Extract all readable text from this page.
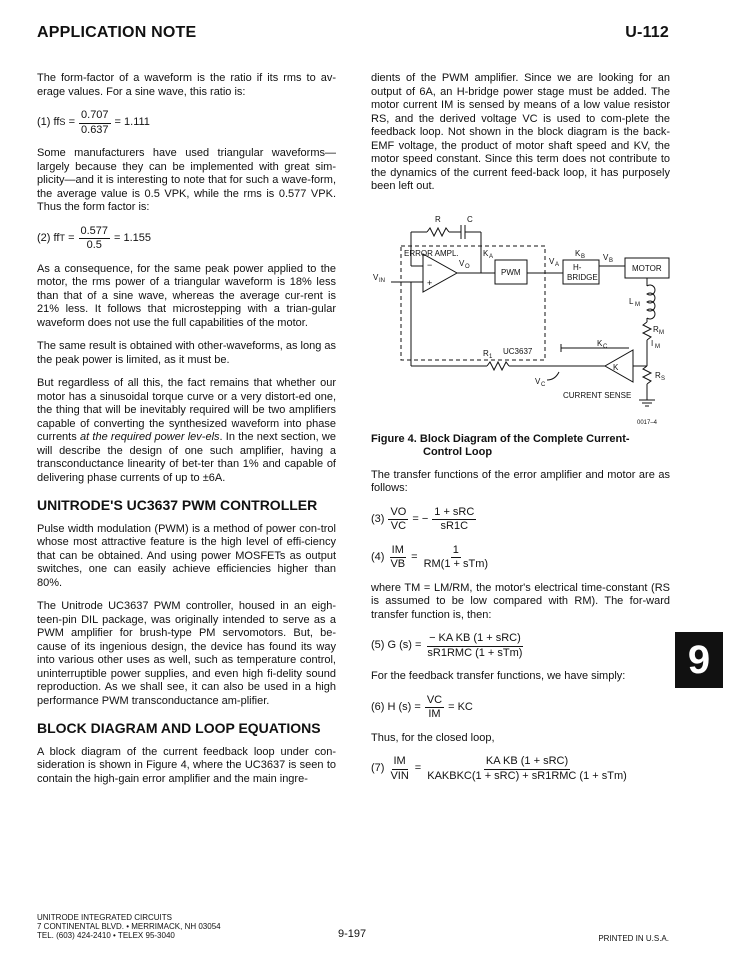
APPLICATION NOTE	U-112

The form-factor of a waveform is the ratio if its rms to av-erage values. For a sine wave, this ratio is:

(1) ff $S = \frac{0.707}{0.637} = 1.111$

Some manufacturers have used triangular waveforms—largely because they can be implemented with great sim-plicity—and it is interesting to note that for such a wave-form, the average value is 0.5 VPK, while the rms is 0.577 VPK. Thus the form factor is:

(2) ff $T = \frac{0.577}{0.5} = 1.155$

As a consequence, for the same peak power applied to the motor, the rms power of a triangular waveform is 18% less than that of a sine wave, whereas the average cur-rent is 21% less. It follows that microstepping with a trian-gular waveform does not use the full capabilities of the motor.

The same result is obtained with other-waveforms, as long as the peak power is limited, as it must be.

But regardless of all this, the fact remains that whether our motor has a sinusoidal torque curve or a very distort-ed one, the thing that will be inevitably required will be two amplifiers capable of converting the synthesized waveform into phase currents at the required power lev-els. In the next section, we will describe the design of one such amplifier, having a transconductance linearity of bet-ter than 1% and capable of delivering phase currents of up to ±6A.

UNITRODE'S UC3637 PWM CONTROLLER

Pulse width modulation (PWM) is a method of power con-trol whose most attractive feature is the high level of effi-ciency that can be obtained. And using power MOSFETs as output switches, one can easily achieve efficiencies higher than 80%.

The Unitrode UC3637 PWM controller, housed in an eigh-teen-pin DIL package, was originally intended to serve as a PWM amplifier for brush-type PM servomotors. But, be-cause of its ingenious design, the device has found its way into various other uses as well, such as temperature control, uninterruptible power supplies, and even high fi-delity sound reproduction. As we shall see, it can also be used in a high performance PWM transconductance am-plifier.

BLOCK DIAGRAM AND LOOP EQUATIONS

A block diagram of the current feedback loop under con-sideration is shown in Figure 4, where the UC3637 is seen to contain the high-gain error amplifier and the main ingre-

dients of the PWM amplifier. Since we are looking for an output of 6A, an H-bridge power stage must be added. The motor current IM is sensed by means of a low value resistor RS, and the derived voltage VC is used to com-plete the feedback loop. Not shown in the block diagram is the back-EMF voltage, the product of motor shaft speed and KV, the motor speed constant. Since this term does not contribute to the dynamics of the current feed-back loop, it has purposely been left out.

R	C
ERROR AMPL.
−
+
V O
K A
PWM
V A
K B V B
H-
BRIDGE
MOTOR
L M
R M
I M
V IN
UC3637
K C
R 1
K
R S
V C
CURRENT SENSE
0017–4
Figure 4. Block Diagram of the Complete Current-
Control Loop

The transfer functions of the error amplifier and motor are as follows:

$(3) \frac{VO}{VC}$ = − $\frac{\text{1 + sRC}}{sR1C}$
$(4) \frac{IM}{VB} = \frac{1}{\text{RM(1 + sTm)}}$

where TM = LM/RM, the motor's electrical time-constant (RS is assumed to be low compared with RM). The for-ward transfer function is, then:

(5) G $(s) = \frac{\text{− KA KB (1 + sRC)}}{\text{sR1RMC (1 + sTm)}}$

For the feedback transfer functions, we have simply:

(6) H $(s) = \frac{VC}{IM}$ = KC

Thus, for the closed loop,

$(7) \frac{IM}{\text{VIN}} = \frac{\text{KA KB (1 + sRC)}}{\text{KAKBKC(1 + sRC) + sR1RMC (1 + sTm)}}$
9
UNITRODE INTEGRATED CIRCUITS
7 CONTINENTAL BLVD. • MERRIMACK, NH 03054
TEL. (603) 424-2410 • TELEX 95-3040	9-197	PRINTED IN U.S.A.
